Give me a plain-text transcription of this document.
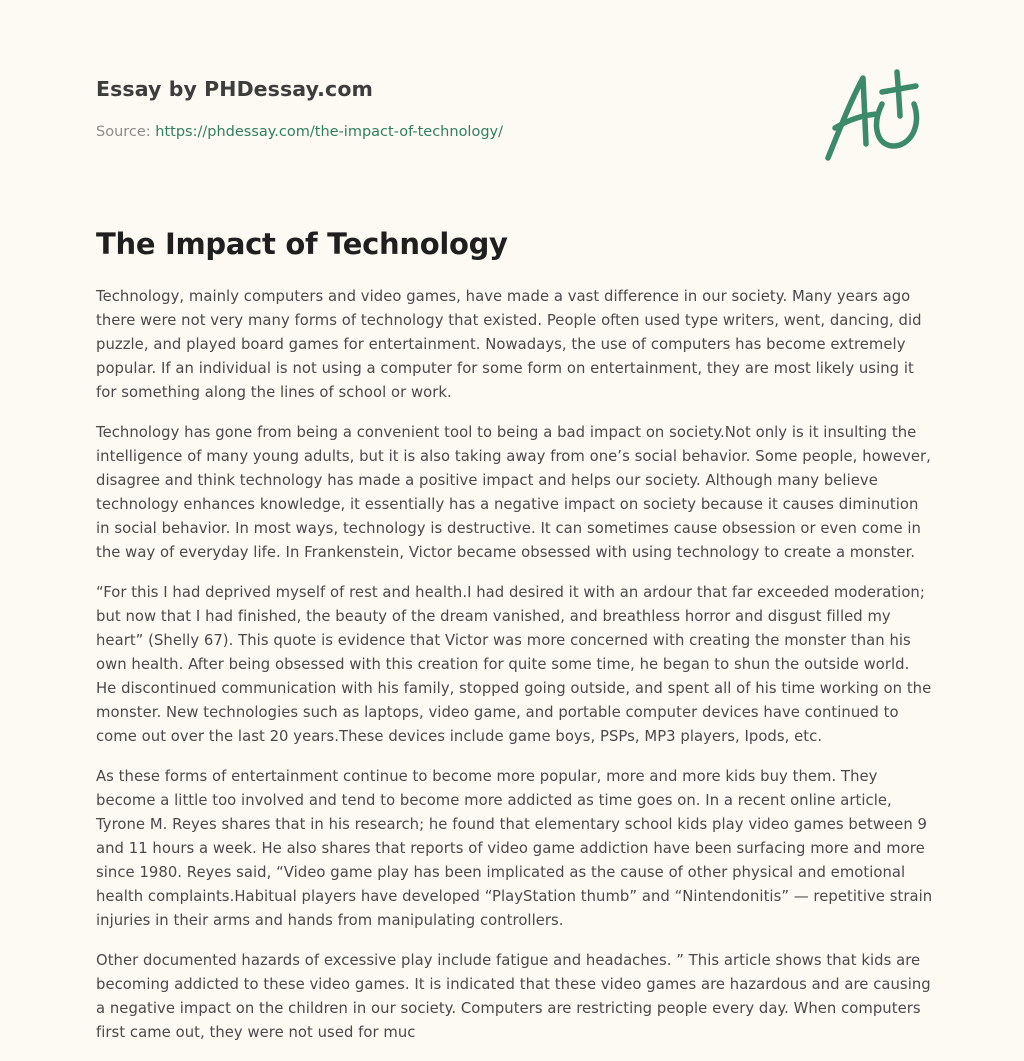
Essay by PHDessay.com
Source: https://phdessay.com/the-impact-of-technology/
The Impact of Technology

Technology, mainly computers and video games, have made a vast difference in our society. Many years ago there were not very many forms of technology that existed. People often used type writers, went, dancing, did puzzle, and played board games for entertainment. Nowadays, the use of computers has become extremely popular. If an individual is not using a computer for some form on entertainment, they are most likely using it for something along the lines of school or work.

Technology has gone from being a convenient tool to being a bad impact on society.Not only is it insulting the intelligence of many young adults, but it is also taking away from one’s social behavior. Some people, however, disagree and think technology has made a positive impact and helps our society. Although many believe technology enhances knowledge, it essentially has a negative impact on society because it causes diminution in social behavior. In most ways, technology is destructive. It can sometimes cause obsession or even come in the way of everyday life. In Frankenstein, Victor became obsessed with using technology to create a monster.

“For this I had deprived myself of rest and health.I had desired it with an ardour that far exceeded moderation; but now that I had finished, the beauty of the dream vanished, and breathless horror and disgust filled my heart” (Shelly 67). This quote is evidence that Victor was more concerned with creating the monster than his own health. After being obsessed with this creation for quite some time, he began to shun the outside world. He discontinued communication with his family, stopped going outside, and spent all of his time working on the monster. New technologies such as laptops, video game, and portable computer devices have continued to come out over the last 20 years.These devices include game boys, PSPs, MP3 players, Ipods, etc.

As these forms of entertainment continue to become more popular, more and more kids buy them. They become a little too involved and tend to become more addicted as time goes on. In a recent online article, Tyrone M. Reyes shares that in his research; he found that elementary school kids play video games between 9 and 11 hours a week. He also shares that reports of video game addiction have been surfacing more and more since 1980. Reyes said, “Video game play has been implicated as the cause of other physical and emotional health complaints.Habitual players have developed “PlayStation thumb” and “Nintendonitis” — repetitive strain injuries in their arms and hands from manipulating controllers.

Other documented hazards of excessive play include fatigue and headaches. ” This article shows that kids are becoming addicted to these video games. It is indicated that these video games are hazardous and are causing a negative impact on the children in our society. Computers are restricting people every day. When computers first came out, they were not used for muc
